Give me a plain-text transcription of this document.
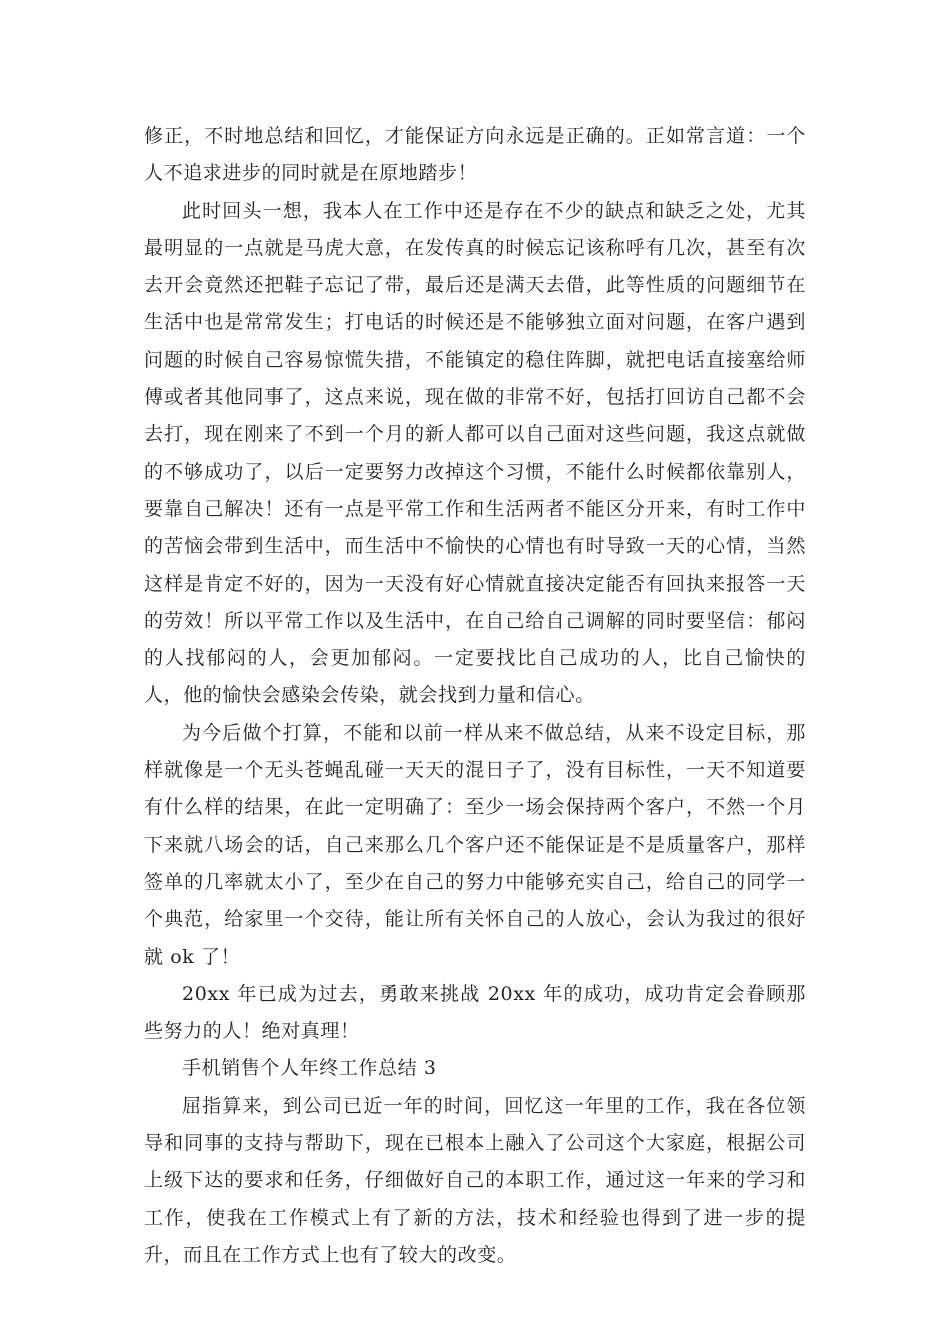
修正，不时地总结和回忆，才能保证方向永远是正确的。正如常言道：一个人不追求进步的同时就是在原地踏步！

此时回头一想，我本人在工作中还是存在不少的缺点和缺乏之处，尤其最明显的一点就是马虎大意，在发传真的时候忘记该称呼有几次，甚至有次去开会竟然还把鞋子忘记了带，最后还是满天去借，此等性质的问题细节在生活中也是常常发生；打电话的时候还是不能够独立面对问题，在客户遇到问题的时候自己容易惊慌失措，不能镇定的稳住阵脚，就把电话直接塞给师傅或者其他同事了，这点来说，现在做的非常不好，包括打回访自己都不会去打，现在刚来了不到一个月的新人都可以自己面对这些问题，我这点就做的不够成功了，以后一定要努力改掉这个习惯，不能什么时候都依靠别人，要靠自己解决！还有一点是平常工作和生活两者不能区分开来，有时工作中的苦恼会带到生活中，而生活中不愉快的心情也有时导致一天的心情，当然这样是肯定不好的，因为一天没有好心情就直接决定能否有回执来报答一天的劳效！所以平常工作以及生活中，在自己给自己调解的同时要坚信：郁闷的人找郁闷的人，会更加郁闷。一定要找比自己成功的人，比自己愉快的人，他的愉快会感染会传染，就会找到力量和信心。

为今后做个打算，不能和以前一样从来不做总结，从来不设定目标，那样就像是一个无头苍蝇乱碰一天天的混日子了，没有目标性，一天不知道要有什么样的结果，在此一定明确了：至少一场会保持两个客户，不然一个月下来就八场会的话，自己来那么几个客户还不能保证是不是质量客户，那样签单的几率就太小了，至少在自己的努力中能够充实自己，给自己的同学一个典范，给家里一个交待，能让所有关怀自己的人放心，会认为我过的很好就 ok 了！

20xx 年已成为过去，勇敢来挑战 20xx 年的成功，成功肯定会眷顾那些努力的人！绝对真理！

手机销售个人年终工作总结 3

屈指算来，到公司已近一年的时间，回忆这一年里的工作，我在各位领导和同事的支持与帮助下，现在已根本上融入了公司这个大家庭，根据公司上级下达的要求和任务，仔细做好自己的本职工作，通过这一年来的学习和工作，使我在工作模式上有了新的方法，技术和经验也得到了进一步的提升，而且在工作方式上也有了较大的改变。
